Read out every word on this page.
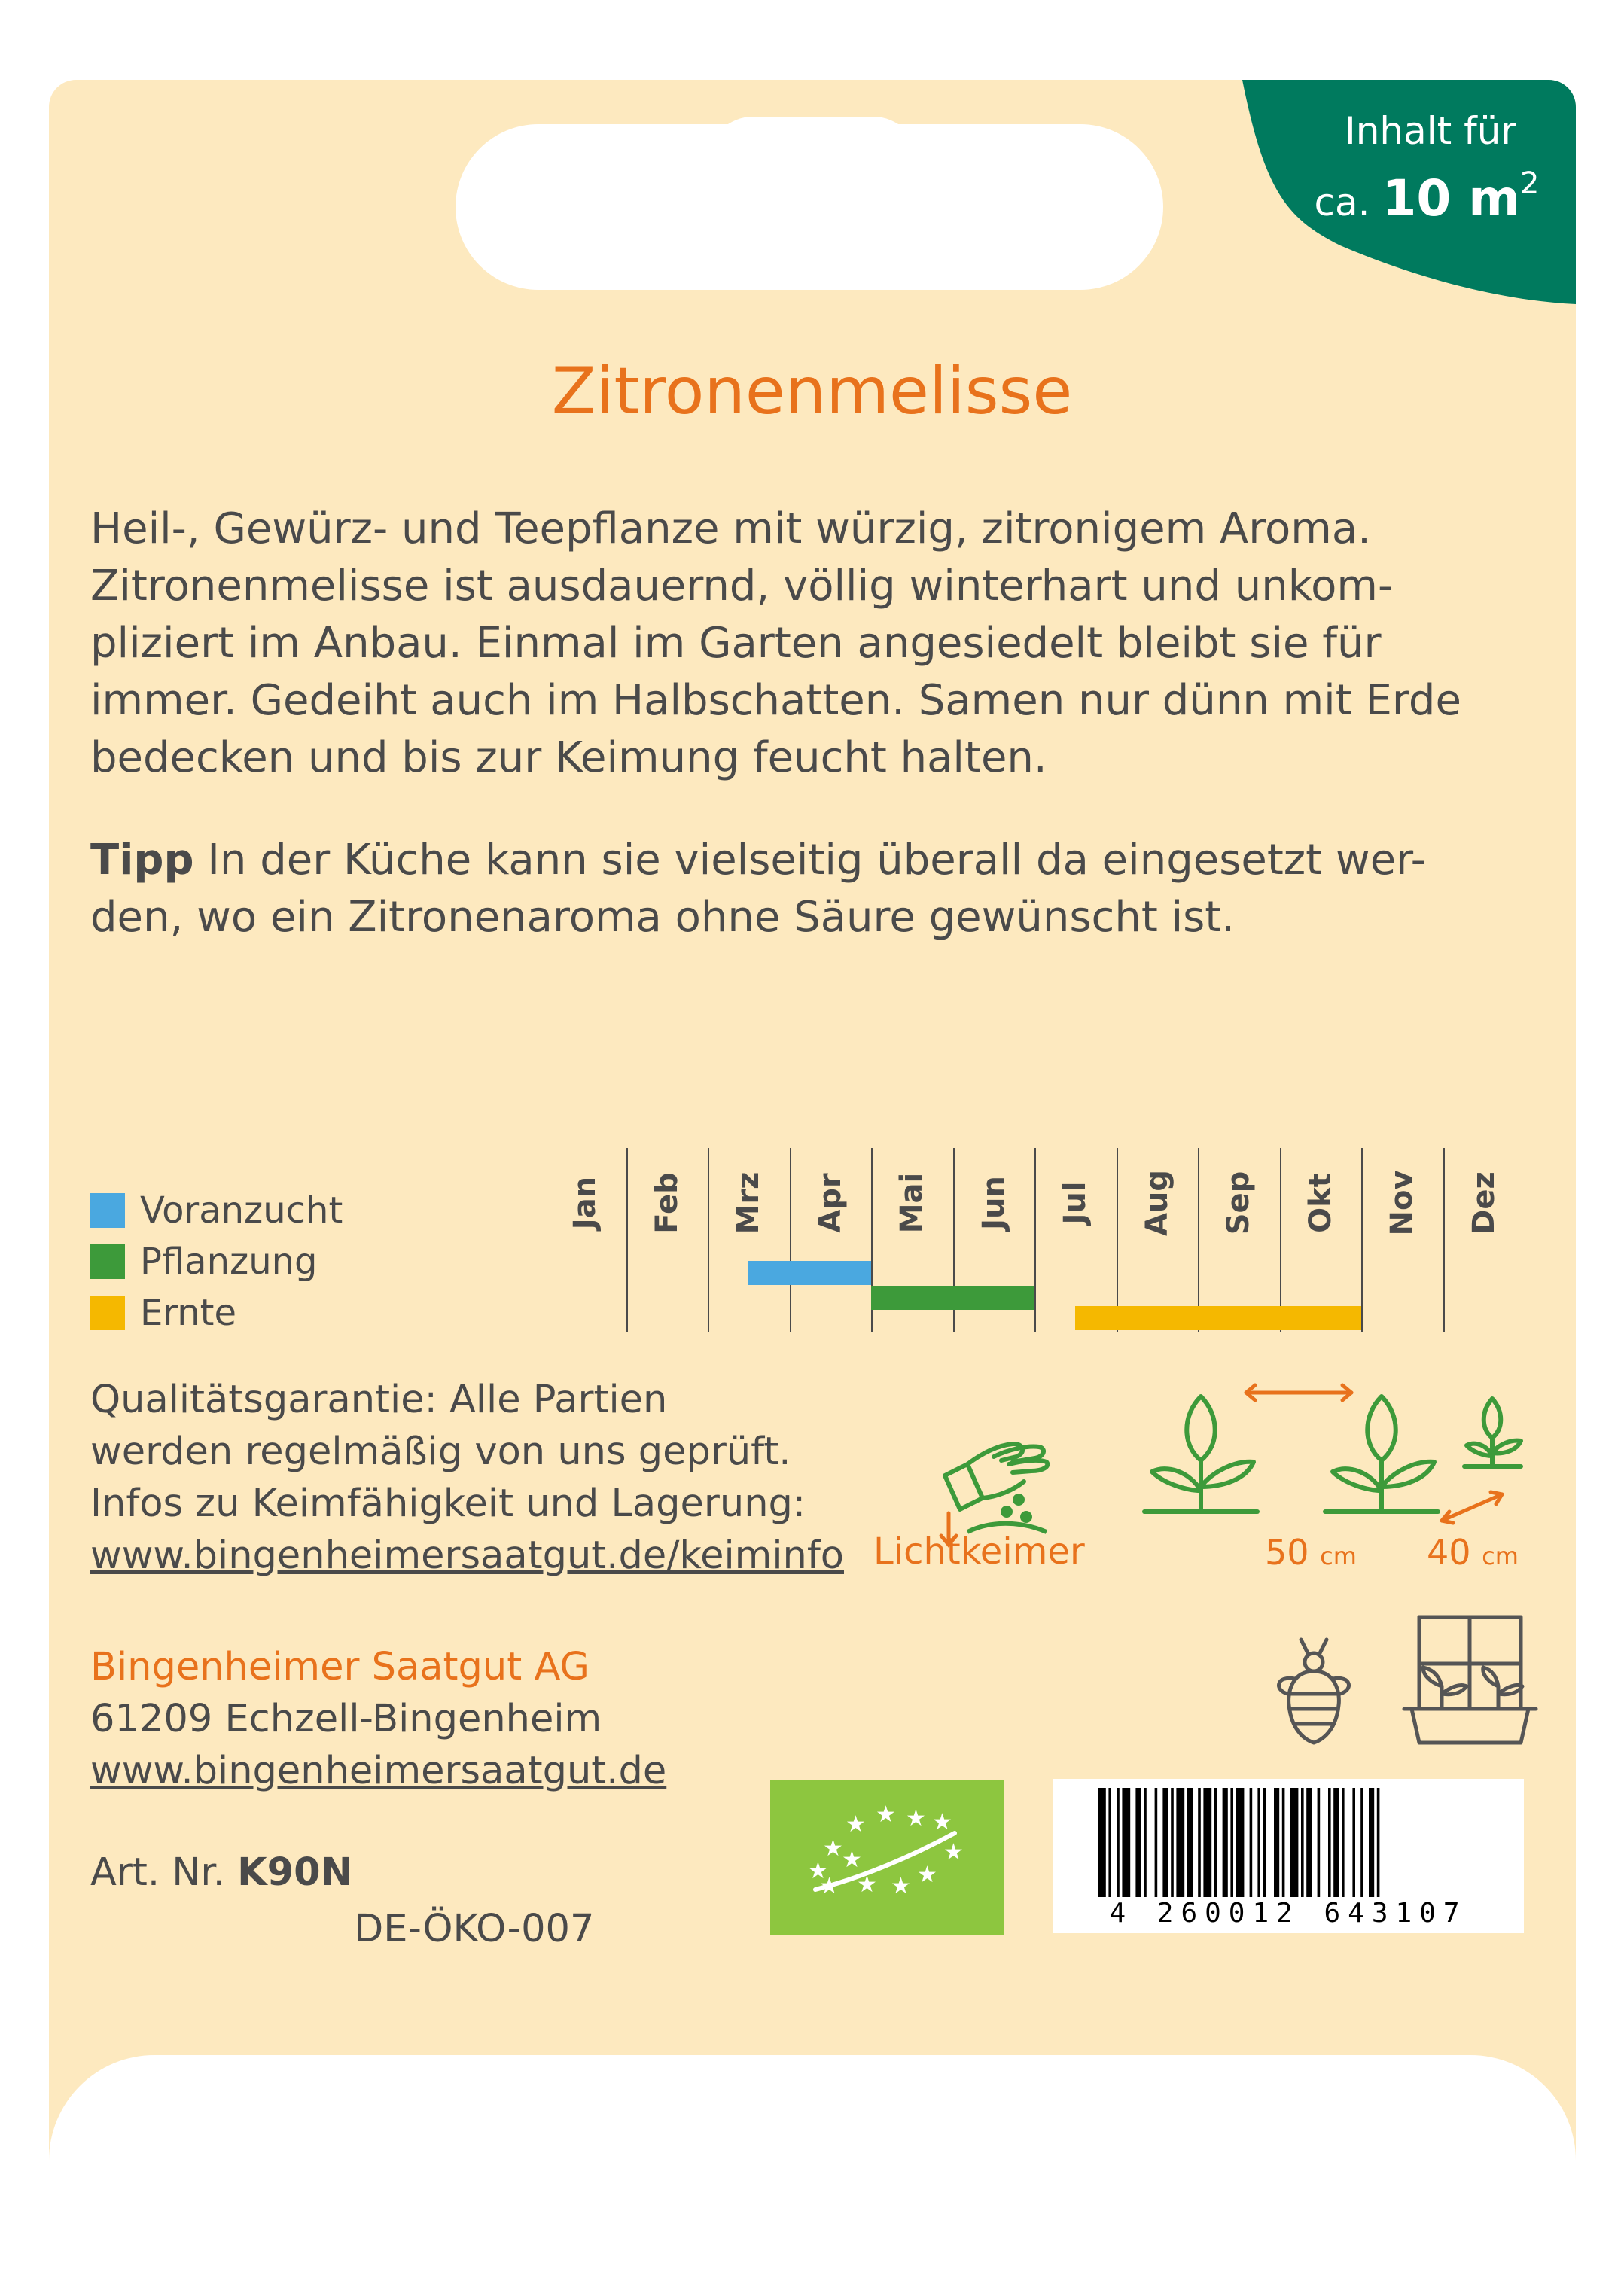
Inhalt für
ca. 10 $m^2$
Zitronenmelisse
Heil-, Gewürz- und Teepflanze mit würzig, zitronigem Aroma.
Zitronenmelisse ist ausdauernd, völlig winterhart und unkom-
pliziert im Anbau. Einmal im Garten angesiedelt bleibt sie für
immer. Gedeiht auch im Halbschatten. Samen nur dünn mit Erde
bedecken und bis zur Keimung feucht halten.
Tipp In der Küche kann sie vielseitig überall da eingesetzt wer-
den, wo ein Zitronenaroma ohne Säure gewünscht ist.
Voranzucht
Pflanzung
Ernte
Jan Feb Mrz Apr Mai Jun Jul Aug Sep Okt Nov Dez
Qualitätsgarantie: Alle Partien
werden regelmäßig von uns geprüft.
Infos zu Keimfähigkeit und Lagerung:
www.bingenheimersaatgut.de/keiminfo Lichtkeimer	50 cm 40 cm
Bingenheimer Saatgut AG
61209 Echzell-Bingenheim
www.bingenheimersaatgut.de
Art. Nr. K90N
DE-ÖKO-007
★
★ ★ ★ ★
★
★
★
★
★
★ ★
4 260012 643107
